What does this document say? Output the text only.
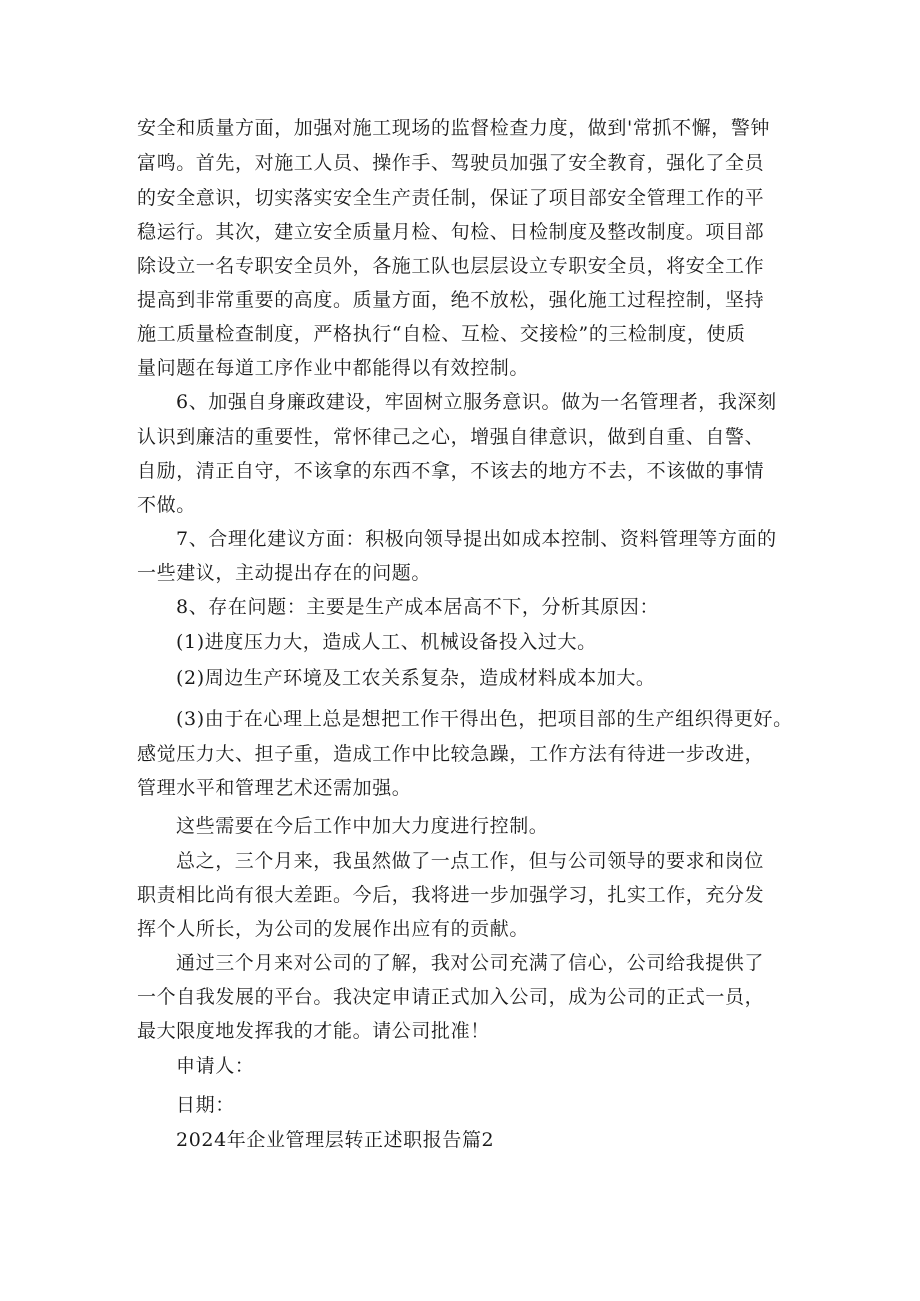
安全和质量方面，加强对施工现场的监督检查力度，做到'常抓不懈，警钟
富鸣。首先，对施工人员、操作手、驾驶员加强了安全教育，强化了全员
的安全意识，切实落实安全生产责任制，保证了项目部安全管理工作的平
稳运行。其次，建立安全质量月检、旬检、日检制度及整改制度。项目部
除设立一名专职安全员外，各施工队也层层设立专职安全员，将安全工作
提高到非常重要的高度。质量方面，绝不放松，强化施工过程控制，坚持
施工质量检查制度，严格执行“自检、互检、交接检”的三检制度，使质
量问题在每道工序作业中都能得以有效控制。
6、加强自身廉政建设，牢固树立服务意识。做为一名管理者，我深刻
认识到廉洁的重要性，常怀律己之心，增强自律意识，做到自重、自警、
自励，清正自守，不该拿的东西不拿，不该去的地方不去，不该做的事情
不做。
7、合理化建议方面：积极向领导提出如成本控制、资料管理等方面的
一些建议，主动提出存在的问题。
8、存在问题：主要是生产成本居高不下，分析其原因：
(1)进度压力大，造成人工、机械设备投入过大。
(2)周边生产环境及工农关系复杂，造成材料成本加大。
(3)由于在心理上总是想把工作干得出色，把项目部的生产组织得更好。
感觉压力大、担子重，造成工作中比较急躁，工作方法有待进一步改进，
管理水平和管理艺术还需加强。
这些需要在今后工作中加大力度进行控制。
总之，三个月来，我虽然做了一点工作，但与公司领导的要求和岗位
职责相比尚有很大差距。今后，我将进一步加强学习，扎实工作，充分发
挥个人所长，为公司的发展作出应有的贡献。
通过三个月来对公司的了解，我对公司充满了信心，公司给我提供了
一个自我发展的平台。我决定申请正式加入公司，成为公司的正式一员，
最大限度地发挥我的才能。请公司批准！
申请人：
日期：
2024年企业管理层转正述职报告篇2
